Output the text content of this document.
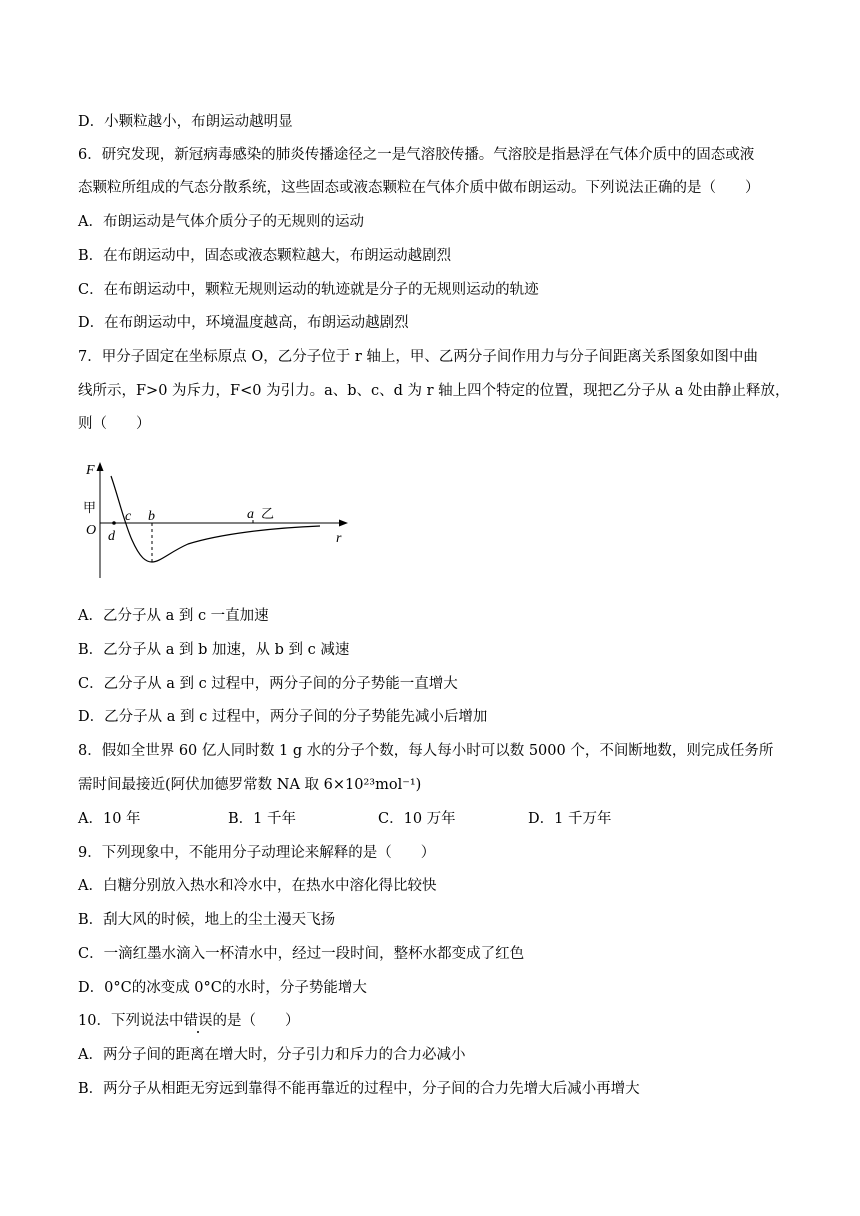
D．小颗粒越小，布朗运动越明显
6．研究发现，新冠病毒感染的肺炎传播途径之一是气溶胶传播。气溶胶是指悬浮在气体介质中的固态或液
态颗粒所组成的气态分散系统，这些固态或液态颗粒在气体介质中做布朗运动。下列说法正确的是（　　）
A．布朗运动是气体介质分子的无规则的运动
B．在布朗运动中，固态或液态颗粒越大，布朗运动越剧烈
C．在布朗运动中，颗粒无规则运动的轨迹就是分子的无规则运动的轨迹
D．在布朗运动中，环境温度越高，布朗运动越剧烈
7．甲分子固定在坐标原点 O，乙分子位于 r 轴上，甲、乙两分子间作用力与分子间距离关系图象如图中曲
线所示，F>0 为斥力，F<0 为引力。a、b、c、d 为 r 轴上四个特定的位置，现把乙分子从 a 处由静止释放，
则（　　）
F
甲
O
c b	a 乙
r
d
A．乙分子从 a 到 c 一直加速
B．乙分子从 a 到 b 加速，从 b 到 c 减速
C．乙分子从 a 到 c 过程中，两分子间的分子势能一直增大
D．乙分子从 a 到 c 过程中，两分子间的分子势能先减小后增加
8．假如全世界 60 亿人同时数 1 g 水的分子个数，每人每小时可以数 5000 个，不间断地数，则完成任务所
需时间最接近(阿伏加德罗常数 NA 取 6×10²³mol⁻¹)
A．10 年	B．1 千年	C．10 万年	D．1 千万年
9．下列现象中，不能用分子动理论来解释的是（　　）
A．白糖分别放入热水和冷水中，在热水中溶化得比较快
B．刮大风的时候，地上的尘土漫天飞扬
C．一滴红墨水滴入一杯清水中，经过一段时间，整杯水都变成了红色
D．0°C的冰变成 0°C的水时，分子势能增大
10．下列说法中错误的是（　　）
A．两分子间的距离在增大时，分子引力和斥力的合力必减小
B．两分子从相距无穷远到靠得不能再靠近的过程中，分子间的合力先增大后减小再增大
